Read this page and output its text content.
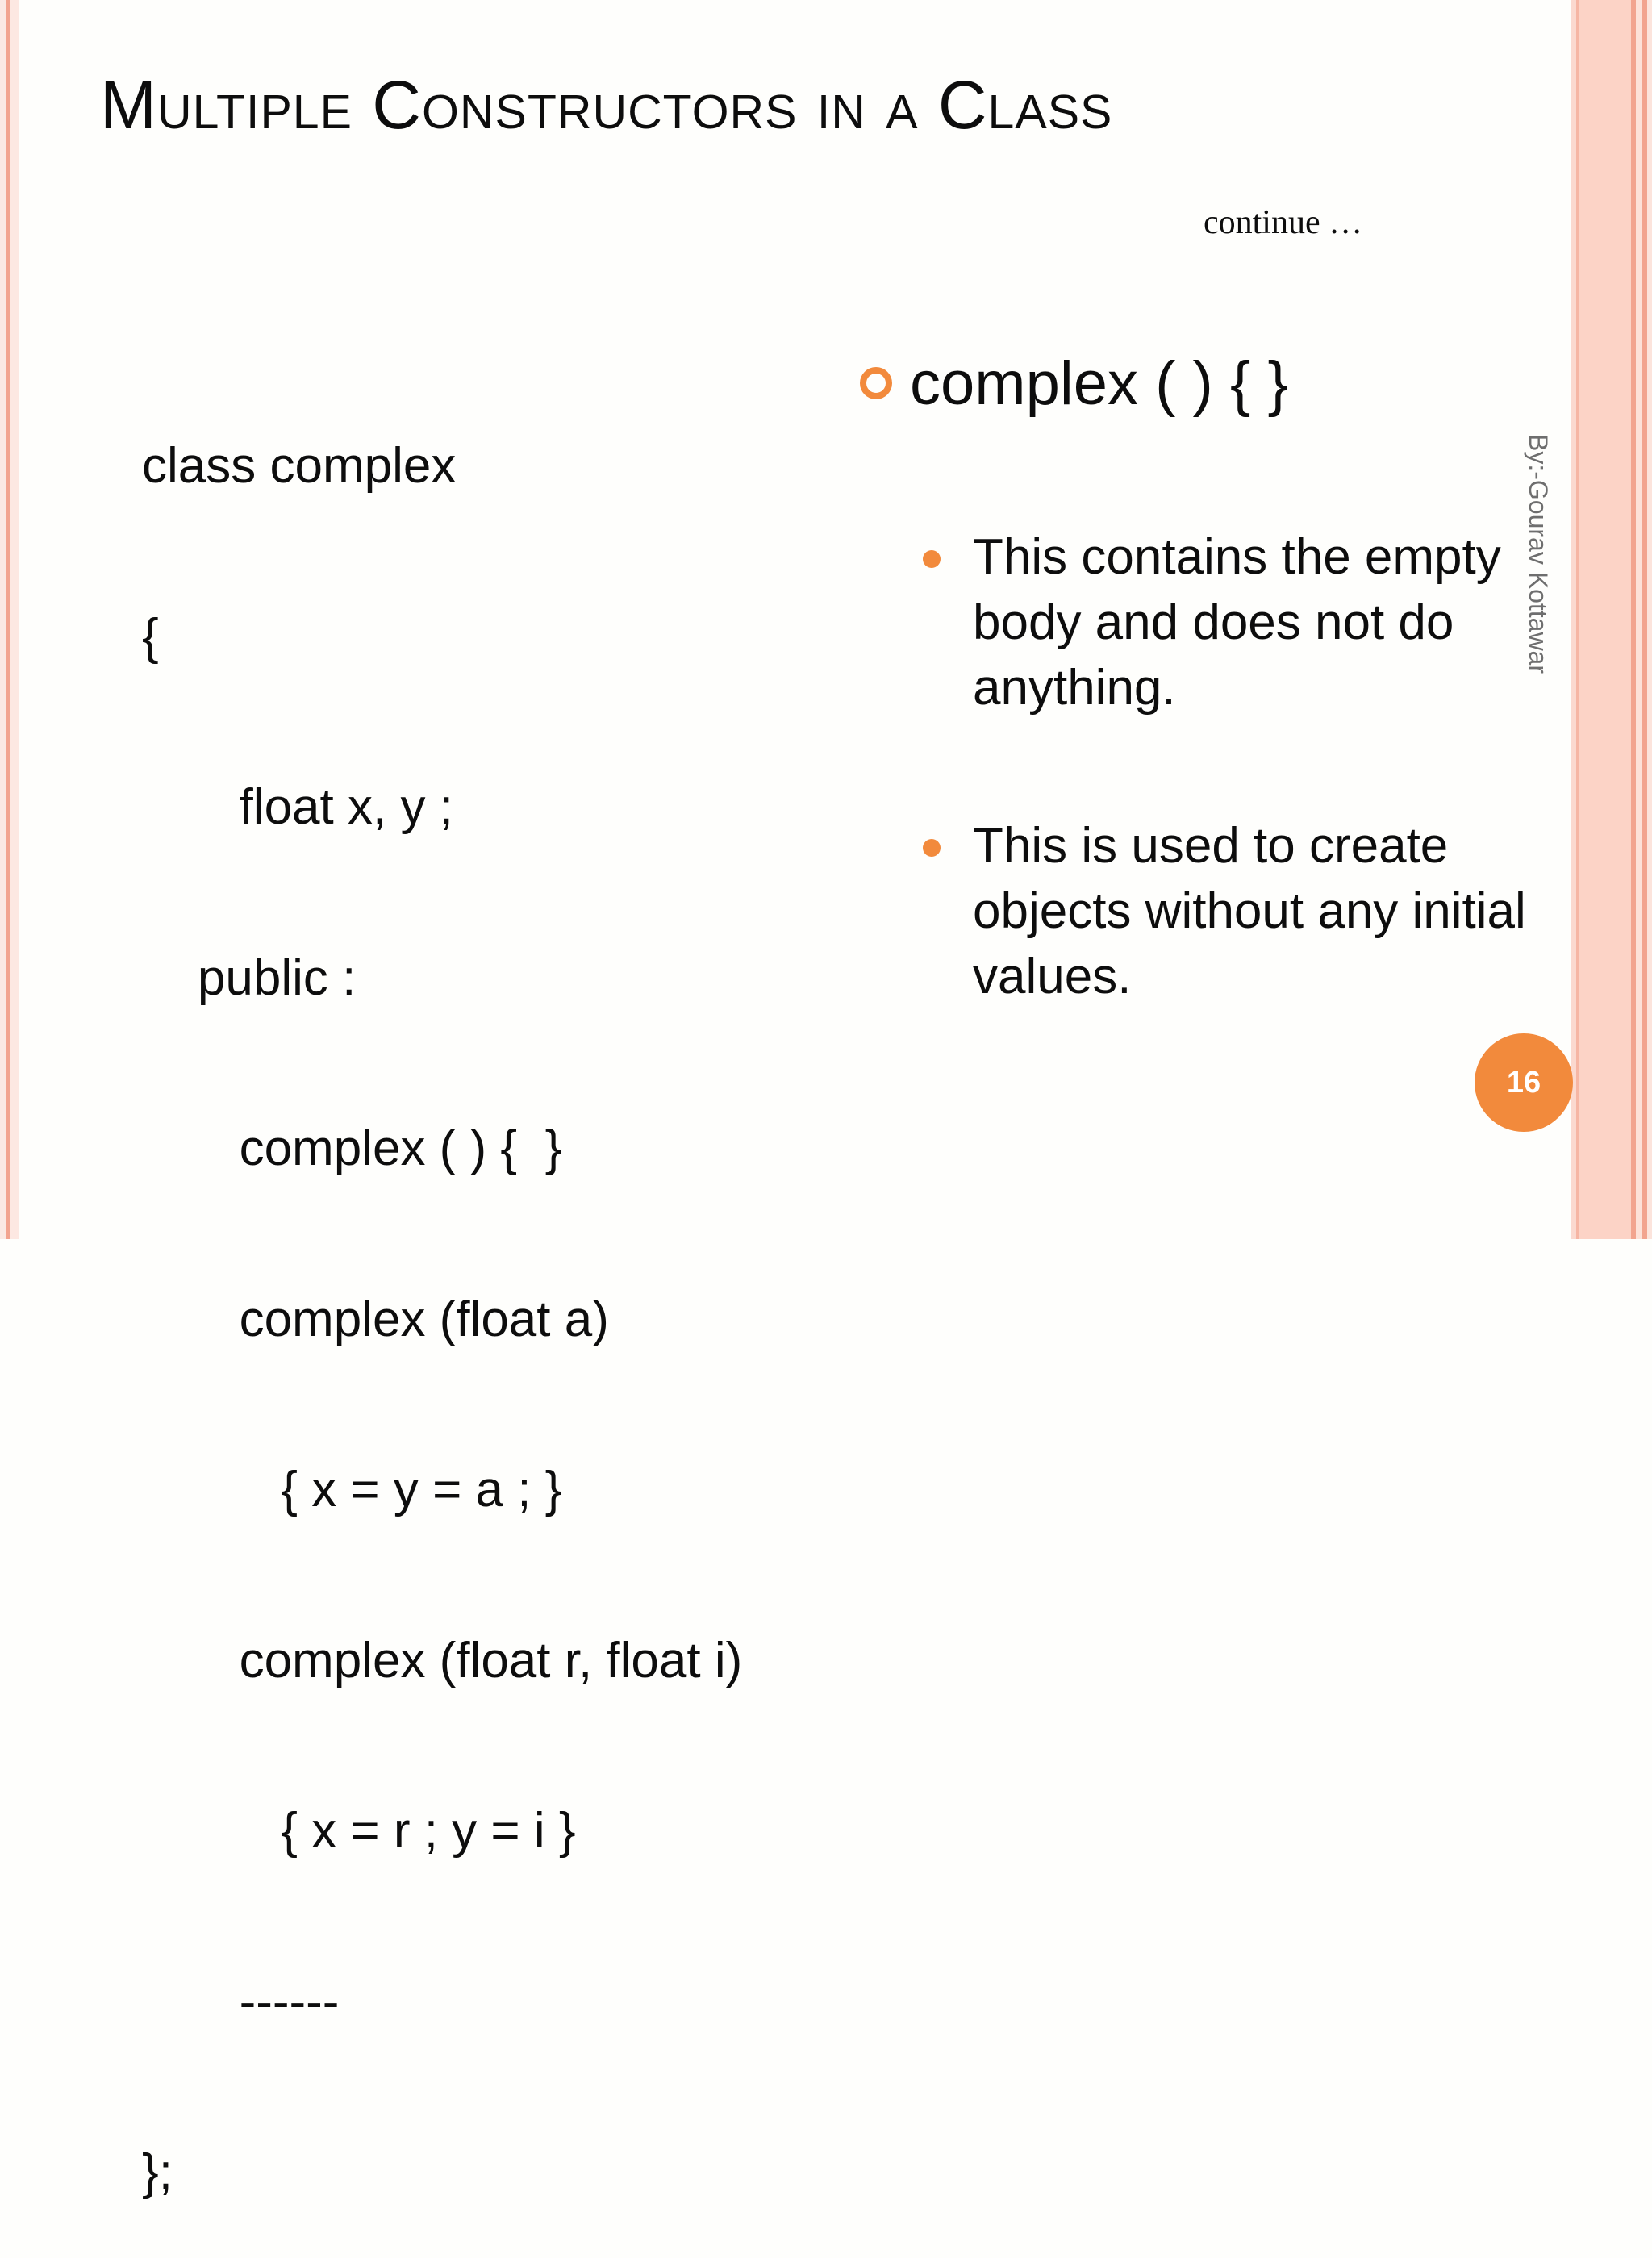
Multiple Constructors in a Class
continue …

class complex

{

float x, y ;

public :

complex ( ) {  }

complex (float a)

{ x = y = a ; }

complex (float r, float i)

{ x = r ; y = i }

------

};

complex ( ) { }
This contains the empty body and does not do anything.
This is used to create objects without any initial values.
By:-Gourav Kottawar
16
